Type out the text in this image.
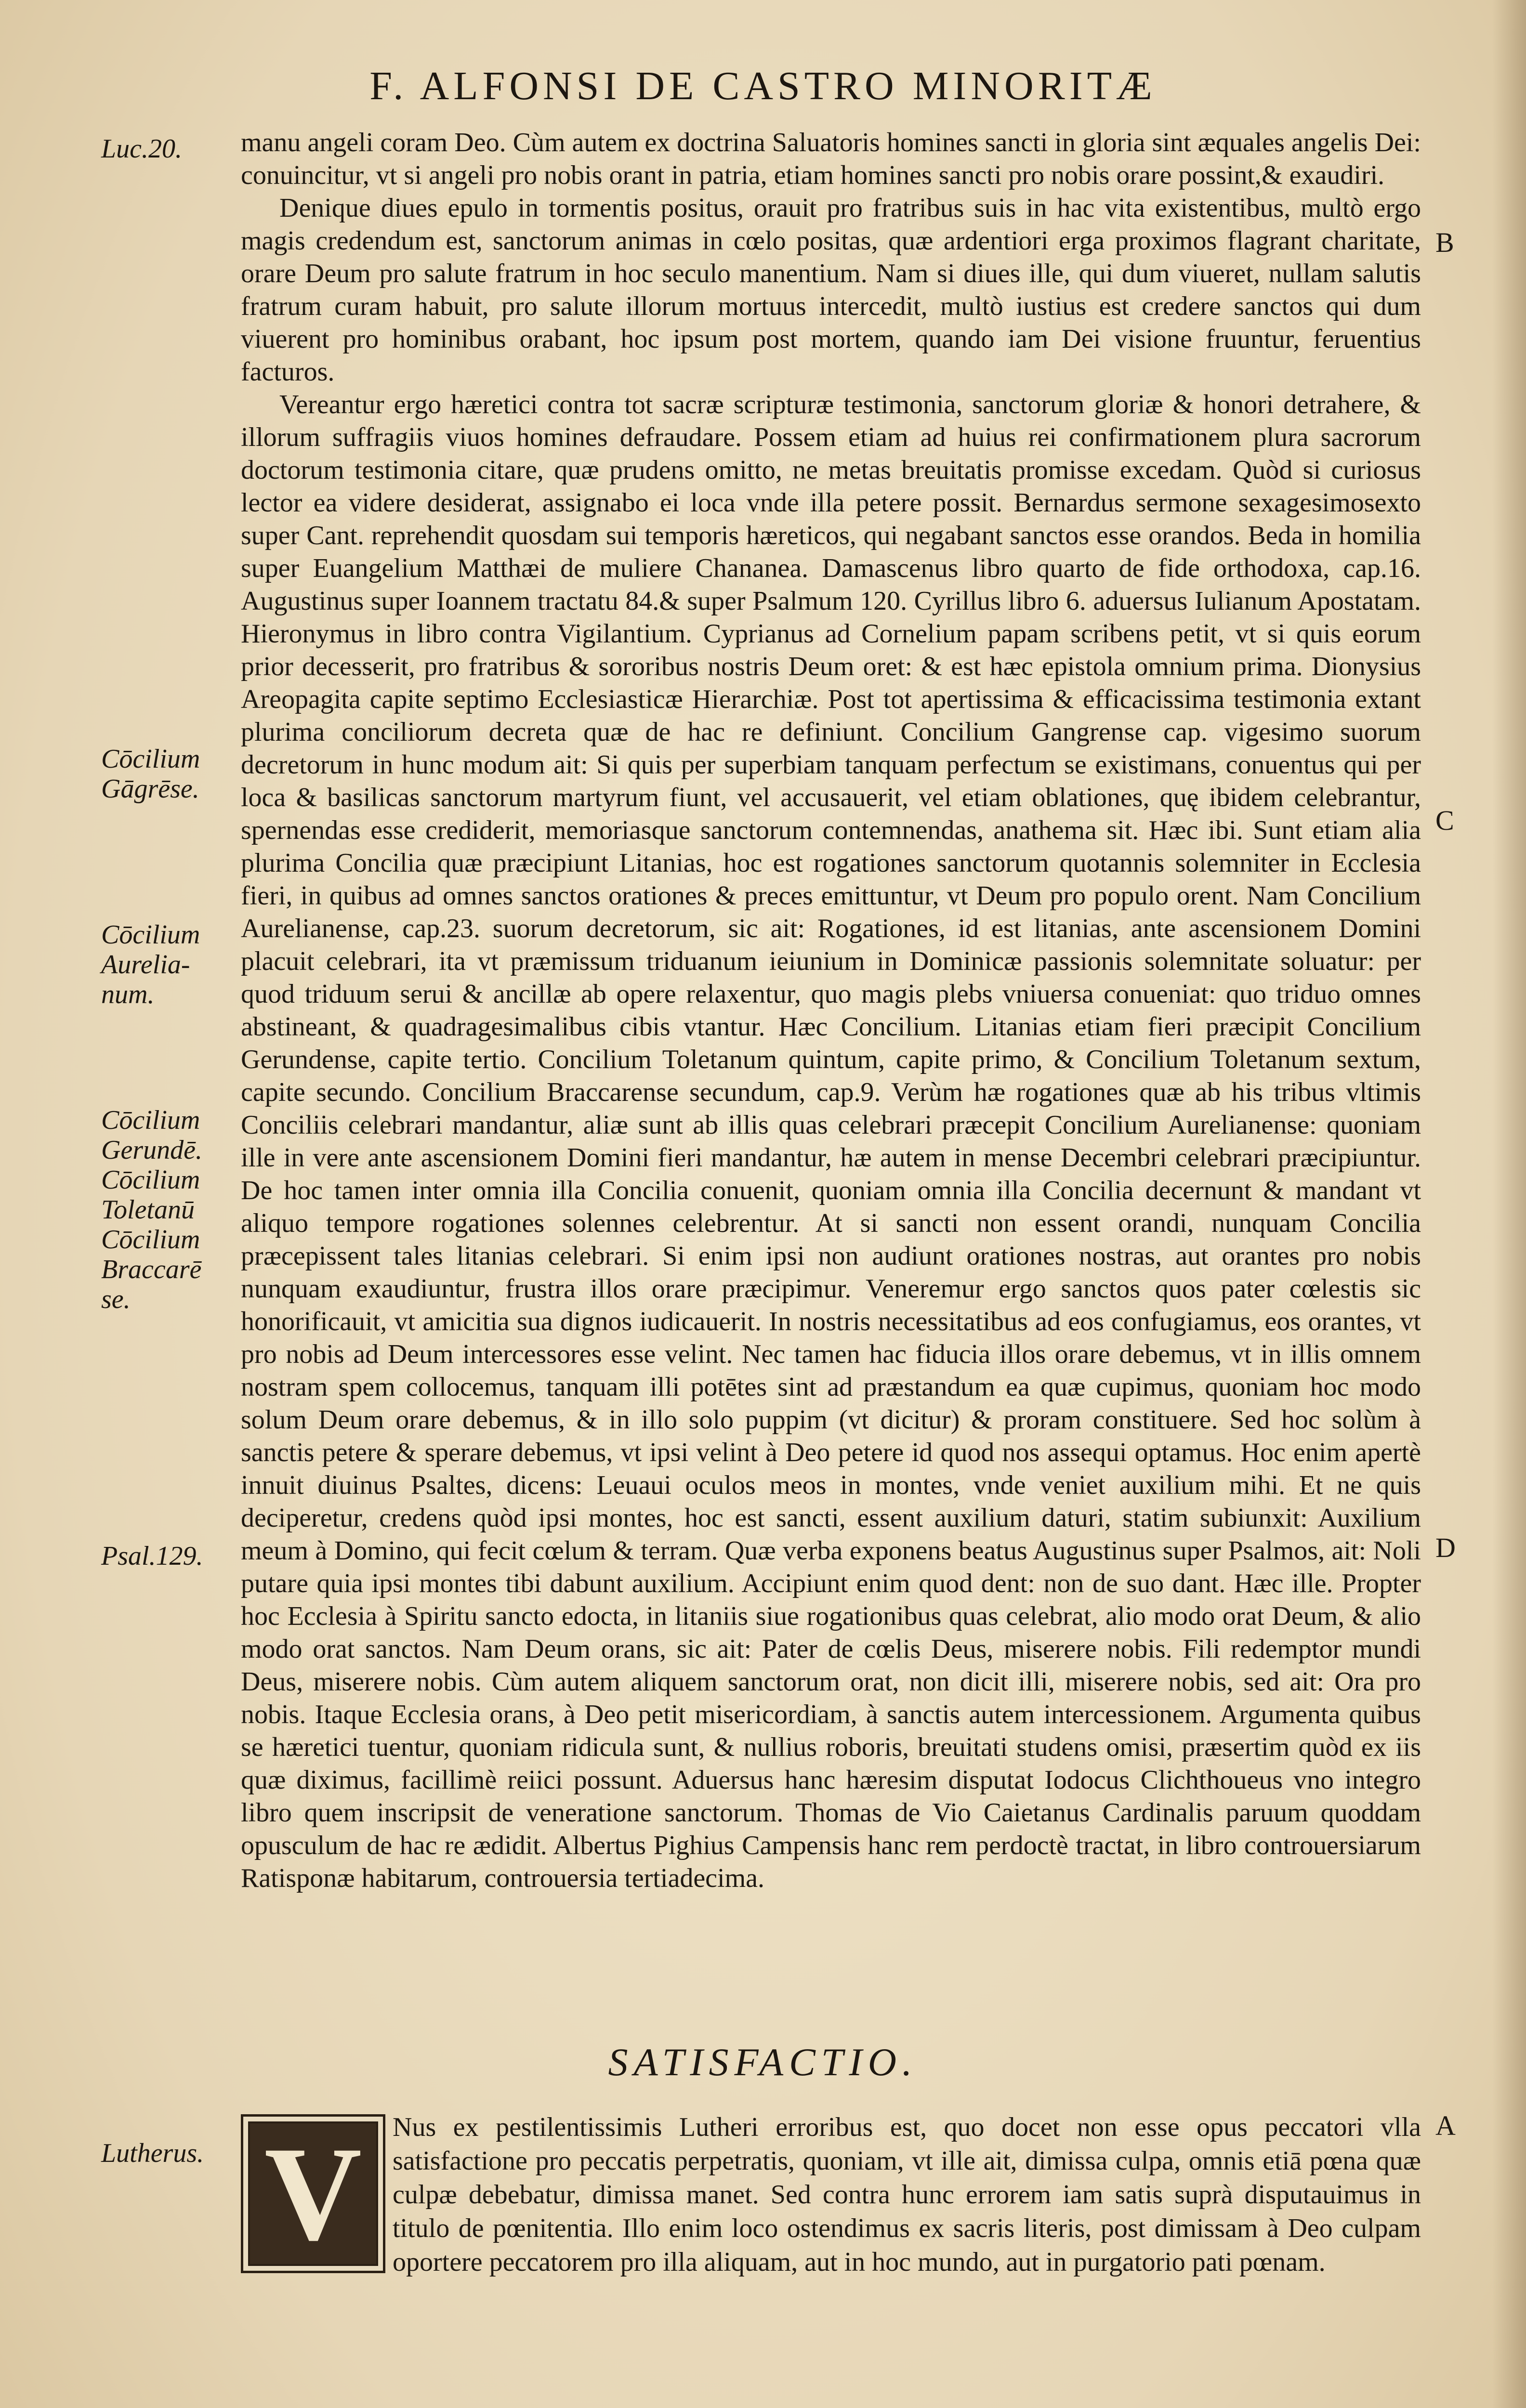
F. ALFONSI DE CASTRO MINORITÆ
Luc.20.
Cōcilium Gāgrēse.
Cōcilium Aurelia-num.
Cōcilium Gerundē. Cōcilium Toletanū Cōcilium Braccarē se.
Psal.129.
Lutherus.
B
C
D
A

manu angeli coram Deo. Cùm autem ex doctrina Saluatoris homines sancti in gloria sint æquales angelis Dei: conuincitur, vt si angeli pro nobis orant in patria, etiam homines sancti pro nobis orare possint,& exaudiri.

Denique diues epulo in tormentis positus, orauit pro fratribus suis in hac vita existentibus, multò ergo magis credendum est, sanctorum animas in cœlo positas, quæ ardentiori erga proximos flagrant charitate, orare Deum pro salute fratrum in hoc seculo manentium. Nam si diues ille, qui dum viueret, nullam salutis fratrum curam habuit, pro salute illorum mortuus intercedit, multò iustius est credere sanctos qui dum viuerent pro hominibus orabant, hoc ipsum post mortem, quando iam Dei visione fruuntur, feruentius facturos.

Vereantur ergo hæretici contra tot sacræ scripturæ testimonia, sanctorum gloriæ & honori detrahere, & illorum suffragiis viuos homines defraudare. Possem etiam ad huius rei confirmationem plura sacrorum doctorum testimonia citare, quæ prudens omitto, ne metas breuitatis promisse excedam. Quòd si curiosus lector ea videre desiderat, assignabo ei loca vnde illa petere possit. Bernardus sermone sexagesimosexto super Cant. reprehendit quosdam sui temporis hæreticos, qui negabant sanctos esse orandos. Beda in homilia super Euangelium Matthæi de muliere Chananea. Damascenus libro quarto de fide orthodoxa, cap.16. Augustinus super Ioannem tractatu 84.& super Psalmum 120. Cyrillus libro 6. aduersus Iulianum Apostatam. Hieronymus in libro contra Vigilantium. Cyprianus ad Cornelium papam scribens petit, vt si quis eorum prior decesserit, pro fratribus & sororibus nostris Deum oret: & est hæc epistola omnium prima. Dionysius Areopagita capite septimo Ecclesiasticæ Hierarchiæ. Post tot apertissima & efficacissima testimonia extant plurima conciliorum decreta quæ de hac re definiunt. Concilium Gangrense cap. vigesimo suorum decretorum in hunc modum ait: Si quis per superbiam tanquam perfectum se existimans, conuentus qui per loca & basilicas sanctorum martyrum fiunt, vel accusauerit, vel etiam oblationes, quę ibidem celebrantur, spernendas esse crediderit, memoriasque sanctorum contemnendas, anathema sit. Hæc ibi. Sunt etiam alia plurima Concilia quæ præcipiunt Litanias, hoc est rogationes sanctorum quotannis solemniter in Ecclesia fieri, in quibus ad omnes sanctos orationes & preces emittuntur, vt Deum pro populo orent. Nam Concilium Aurelianense, cap.23. suorum decretorum, sic ait: Rogationes, id est litanias, ante ascensionem Domini placuit celebrari, ita vt præmissum triduanum ieiunium in Dominicæ passionis solemnitate soluatur: per quod triduum serui & ancillæ ab opere relaxentur, quo magis plebs vniuersa conueniat: quo triduo omnes abstineant, & quadragesimalibus cibis vtantur. Hæc Concilium. Litanias etiam fieri præcipit Concilium Gerundense, capite tertio. Concilium Toletanum quintum, capite primo, & Concilium Toletanum sextum, capite secundo. Concilium Braccarense secundum, cap.9. Verùm hæ rogationes quæ ab his tribus vltimis Conciliis celebrari mandantur, aliæ sunt ab illis quas celebrari præcepit Concilium Aurelianense: quoniam ille in vere ante ascensionem Domini fieri mandantur, hæ autem in mense Decembri celebrari præcipiuntur. De hoc tamen inter omnia illa Concilia conuenit, quoniam omnia illa Concilia decernunt & mandant vt aliquo tempore rogationes solennes celebrentur. At si sancti non essent orandi, nunquam Concilia præcepissent tales litanias celebrari. Si enim ipsi non audiunt orationes nostras, aut orantes pro nobis nunquam exaudiuntur, frustra illos orare præcipimur. Veneremur ergo sanctos quos pater cœlestis sic honorificauit, vt amicitia sua dignos iudicauerit. In nostris necessitatibus ad eos confugiamus, eos orantes, vt pro nobis ad Deum intercessores esse velint. Nec tamen hac fiducia illos orare debemus, vt in illis omnem nostram spem collocemus, tanquam illi potētes sint ad præstandum ea quæ cupimus, quoniam hoc modo solum Deum orare debemus, & in illo solo puppim (vt dicitur) & proram constituere. Sed hoc solùm à sanctis petere & sperare debemus, vt ipsi velint à Deo petere id quod nos assequi optamus. Hoc enim apertè innuit diuinus Psaltes, dicens: Leuaui oculos meos in montes, vnde veniet auxilium mihi. Et ne quis deciperetur, credens quòd ipsi montes, hoc est sancti, essent auxilium daturi, statim subiunxit: Auxilium meum à Domino, qui fecit cœlum & terram. Quæ verba exponens beatus Augustinus super Psalmos, ait: Noli putare quia ipsi montes tibi dabunt auxilium. Accipiunt enim quod dent: non de suo dant. Hæc ille. Propter hoc Ecclesia à Spiritu sancto edocta, in litaniis siue rogationibus quas celebrat, alio modo orat Deum, & alio modo orat sanctos. Nam Deum orans, sic ait: Pater de cœlis Deus, miserere nobis. Fili redemptor mundi Deus, miserere nobis. Cùm autem aliquem sanctorum orat, non dicit illi, miserere nobis, sed ait: Ora pro nobis. Itaque Ecclesia orans, à Deo petit misericordiam, à sanctis autem intercessionem. Argumenta quibus se hæretici tuentur, quoniam ridicula sunt, & nullius roboris, breuitati studens omisi, præsertim quòd ex iis quæ diximus, facillimè reiici possunt. Aduersus hanc hæresim disputat Iodocus Clichthoueus vno integro libro quem inscripsit de veneratione sanctorum. Thomas de Vio Caietanus Cardinalis paruum quoddam opusculum de hac re ædidit. Albertus Pighius Campensis hanc rem perdoctè tractat, in libro controuersiarum Ratisponæ habitarum, controuersia tertiadecima.

SATISFACTIO.
V	Nus ex pestilentissimis Lutheri erroribus est, quo docet non esse opus peccatori vlla satisfactione pro peccatis perpetratis, quoniam, vt ille ait, dimissa culpa, omnis etiā pœna quæ culpæ debebatur, dimissa manet. Sed contra hunc errorem iam satis suprà disputauimus in titulo de pœnitentia. Illo enim loco ostendimus ex sacris literis, post dimissam à Deo culpam oportere peccatorem pro illa aliquam, aut in hoc mundo, aut in purgatorio pati pœnam.
